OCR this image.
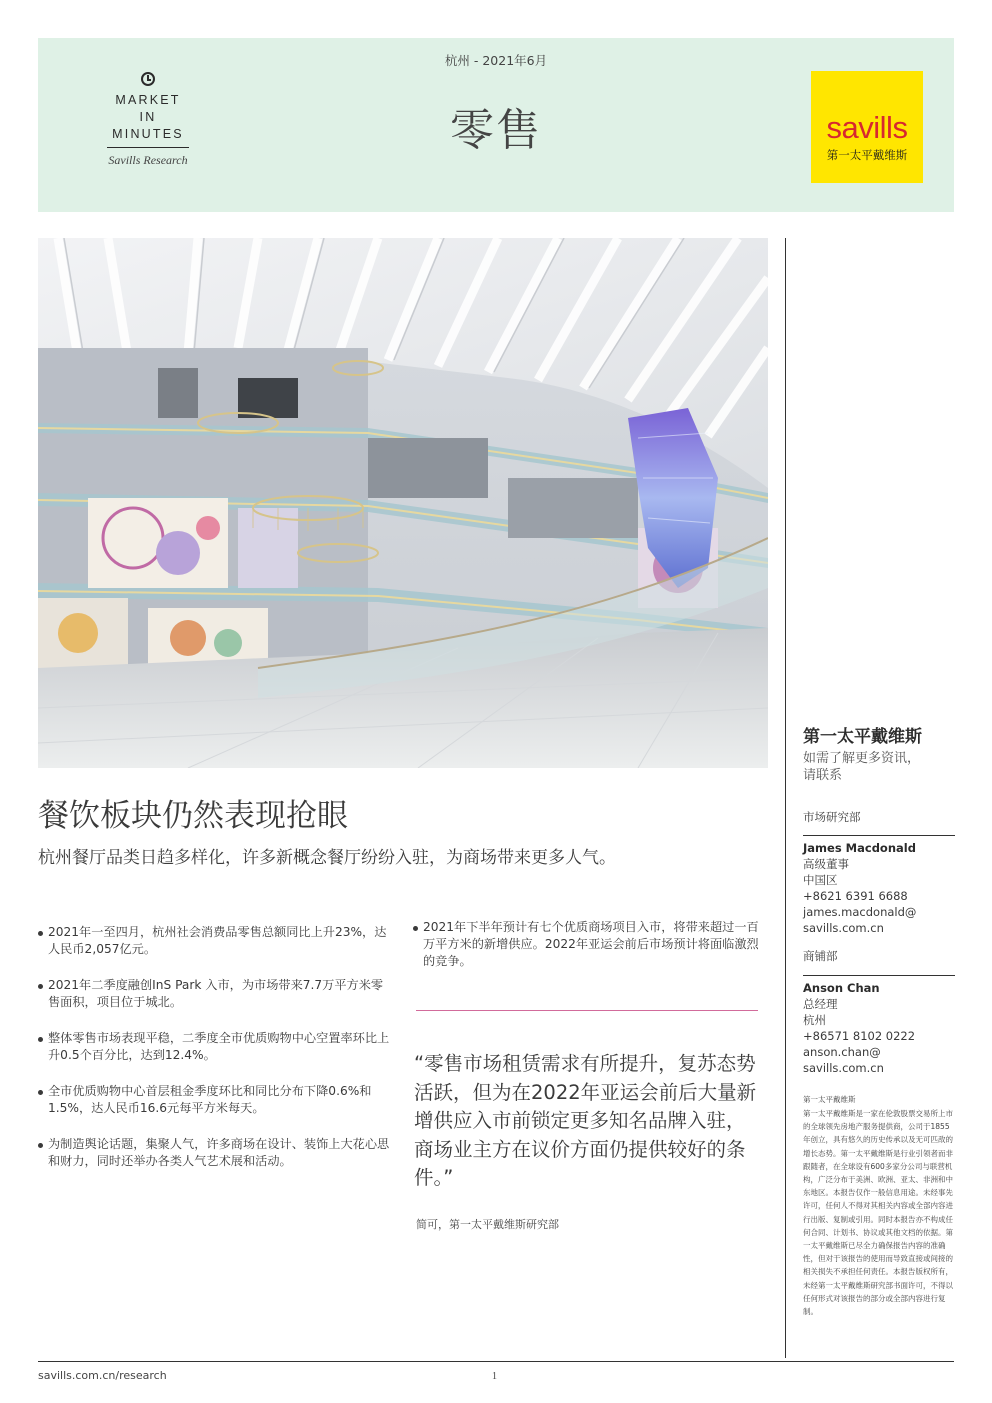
MARKET
IN
MINUTES
Savills Research
杭州 - 2021年6月
零售	savills
第一太平戴维斯
餐饮板块仍然表现抢眼

杭州餐厅品类日趋多样化，许多新概念餐厅纷纷入驻，为商场带来更多人气。

2021年一至四月，杭州社会消费品零售总额同比上升23%，达人民币2,057亿元。
2021年二季度融创InS Park 入市，为市场带来7.7万平方米零售面积，项目位于城北。
整体零售市场表现平稳，二季度全市优质购物中心空置率环比上升0.5个百分比，达到12.4%。
全市优质购物中心首层租金季度环比和同比分布下降0.6%和1.5%，达人民币16.6元每平方米每天。
为制造舆论话题，集聚人气，许多商场在设计、装饰上大花心思和财力，同时还举办各类人气艺术展和活动。
2021年下半年预计有七个优质商场项目入市，将带来超过一百万平方米的新增供应。2022年亚运会前后市场预计将面临激烈的竞争。

“零售市场租赁需求有所提升，复苏态势活跃，但为在2022年亚运会前后大量新增供应入市前锁定更多知名品牌入驻，商场业主方在议价方面仍提供较好的条件。”

简可，第一太平戴维斯研究部

第一太平戴维斯
如需了解更多资讯，
请联系
市场研究部
James Macdonald
高级董事
中国区
+8621 6391 6688
james.macdonald@
savills.com.cn
商铺部
Anson Chan
总经理
杭州
+86571 8102 0222
anson.chan@
savills.com.cn
第一太平戴维斯
第一太平戴维斯是一家在伦敦股票交易所上市的全球领先房地产服务提供商，公司于1855年创立，具有悠久的历史传承以及无可匹敌的增长态势。第一太平戴维斯是行业引领者而非跟随者，在全球设有600多家分公司与联营机构，广泛分布于美洲、欧洲、亚太、非洲和中东地区。本报告仅作一般信息用途。未经事先许可，任何人不得对其相关内容或全部内容进行出版、复制或引用。同时本报告亦不构成任何合同、计划书、协议或其他文档的依据。第一太平戴维斯已尽全力确保报告内容的准确性，但对于该报告的使用而导致直接或间接的相关损失不承担任何责任。本报告版权所有，未经第一太平戴维斯研究部书面许可，不得以任何形式对该报告的部分或全部内容进行复制。
savills.com.cn/research	1
